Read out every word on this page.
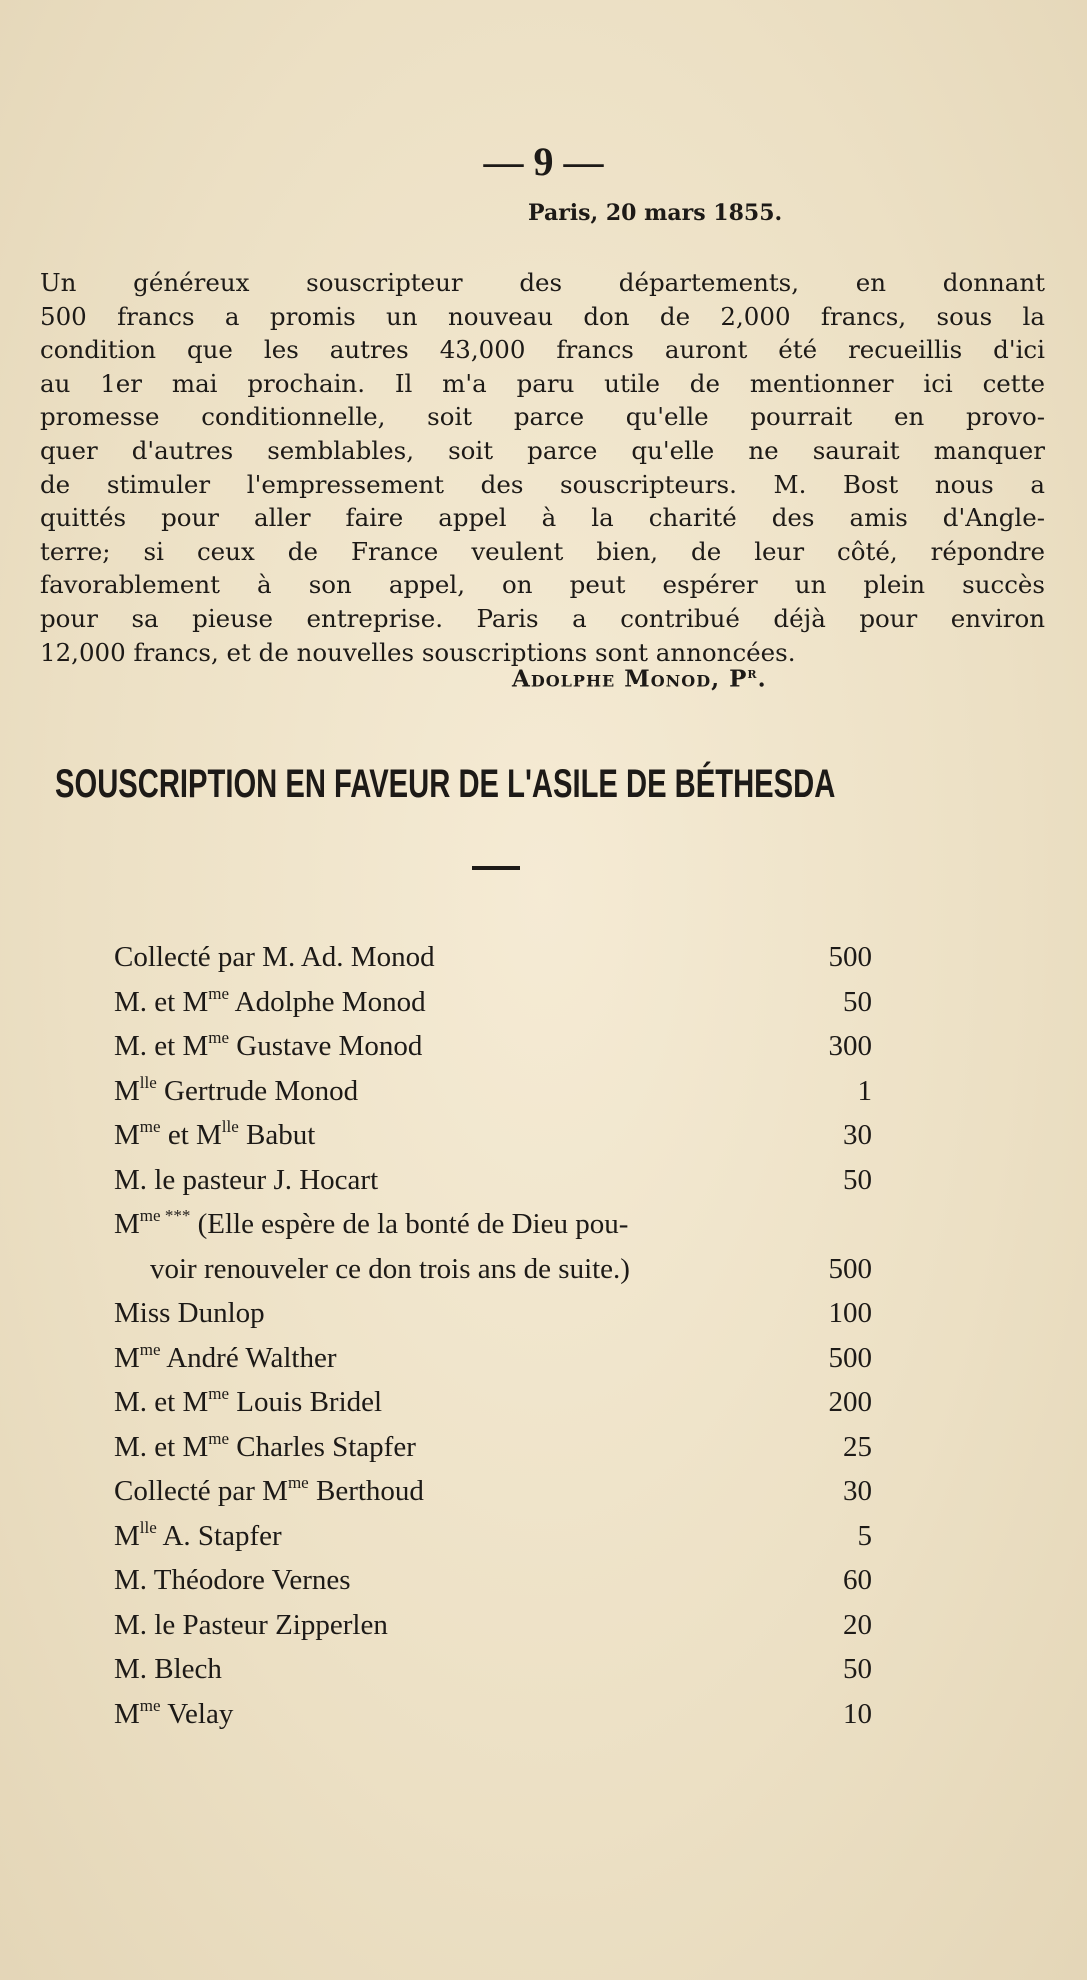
— 9 —
Paris, 20 mars 1855.
Un généreux souscripteur des départements, en donnant
500 francs a promis un nouveau don de 2,000 francs, sous la
condition que les autres 43,000 francs auront été recueillis d'ici
au 1er mai prochain. Il m'a paru utile de mentionner ici cette
promesse conditionnelle, soit parce qu'elle pourrait en provo-
quer d'autres semblables, soit parce qu'elle ne saurait manquer
de stimuler l'empressement des souscripteurs. M. Bost nous a
quittés pour aller faire appel à la charité des amis d'Angle-
terre; si ceux de France veulent bien, de leur côté, répondre
favorablement à son appel, on peut espérer un plein succès
pour sa pieuse entreprise. Paris a contribué déjà pour environ
12,000 francs, et de nouvelles souscriptions sont annoncées.
Adolphe Monod, $P^r$.
SOUSCRIPTION EN FAVEUR DE L'ASILE DE BÉTHESDA
Collecté par M. Ad. Monod	500
M. et $M^{me}$ Adolphe Monod	50
M. et $M^{me}$ Gustave Monod	300
$M^{lle}$ Gertrude Monod	1
$M^{me}$ et $M^{lle}$ Babut	30
M. le pasteur J. Hocart	50
$M^{me ***}$ (Elle espère de la bonté de Dieu pou-
voir renouveler ce don trois ans de suite.)	500
Miss Dunlop	100
$M^{me}$ André Walther	500
M. et $M^{me}$ Louis Bridel	200
M. et $M^{me}$ Charles Stapfer	25
Collecté par $M^{me}$ Berthoud	30
$M^{lle}$ A. Stapfer	5
M. Théodore Vernes	60
M. le Pasteur Zipperlen	20
M. Blech	50
$M^{me}$ Velay	10
